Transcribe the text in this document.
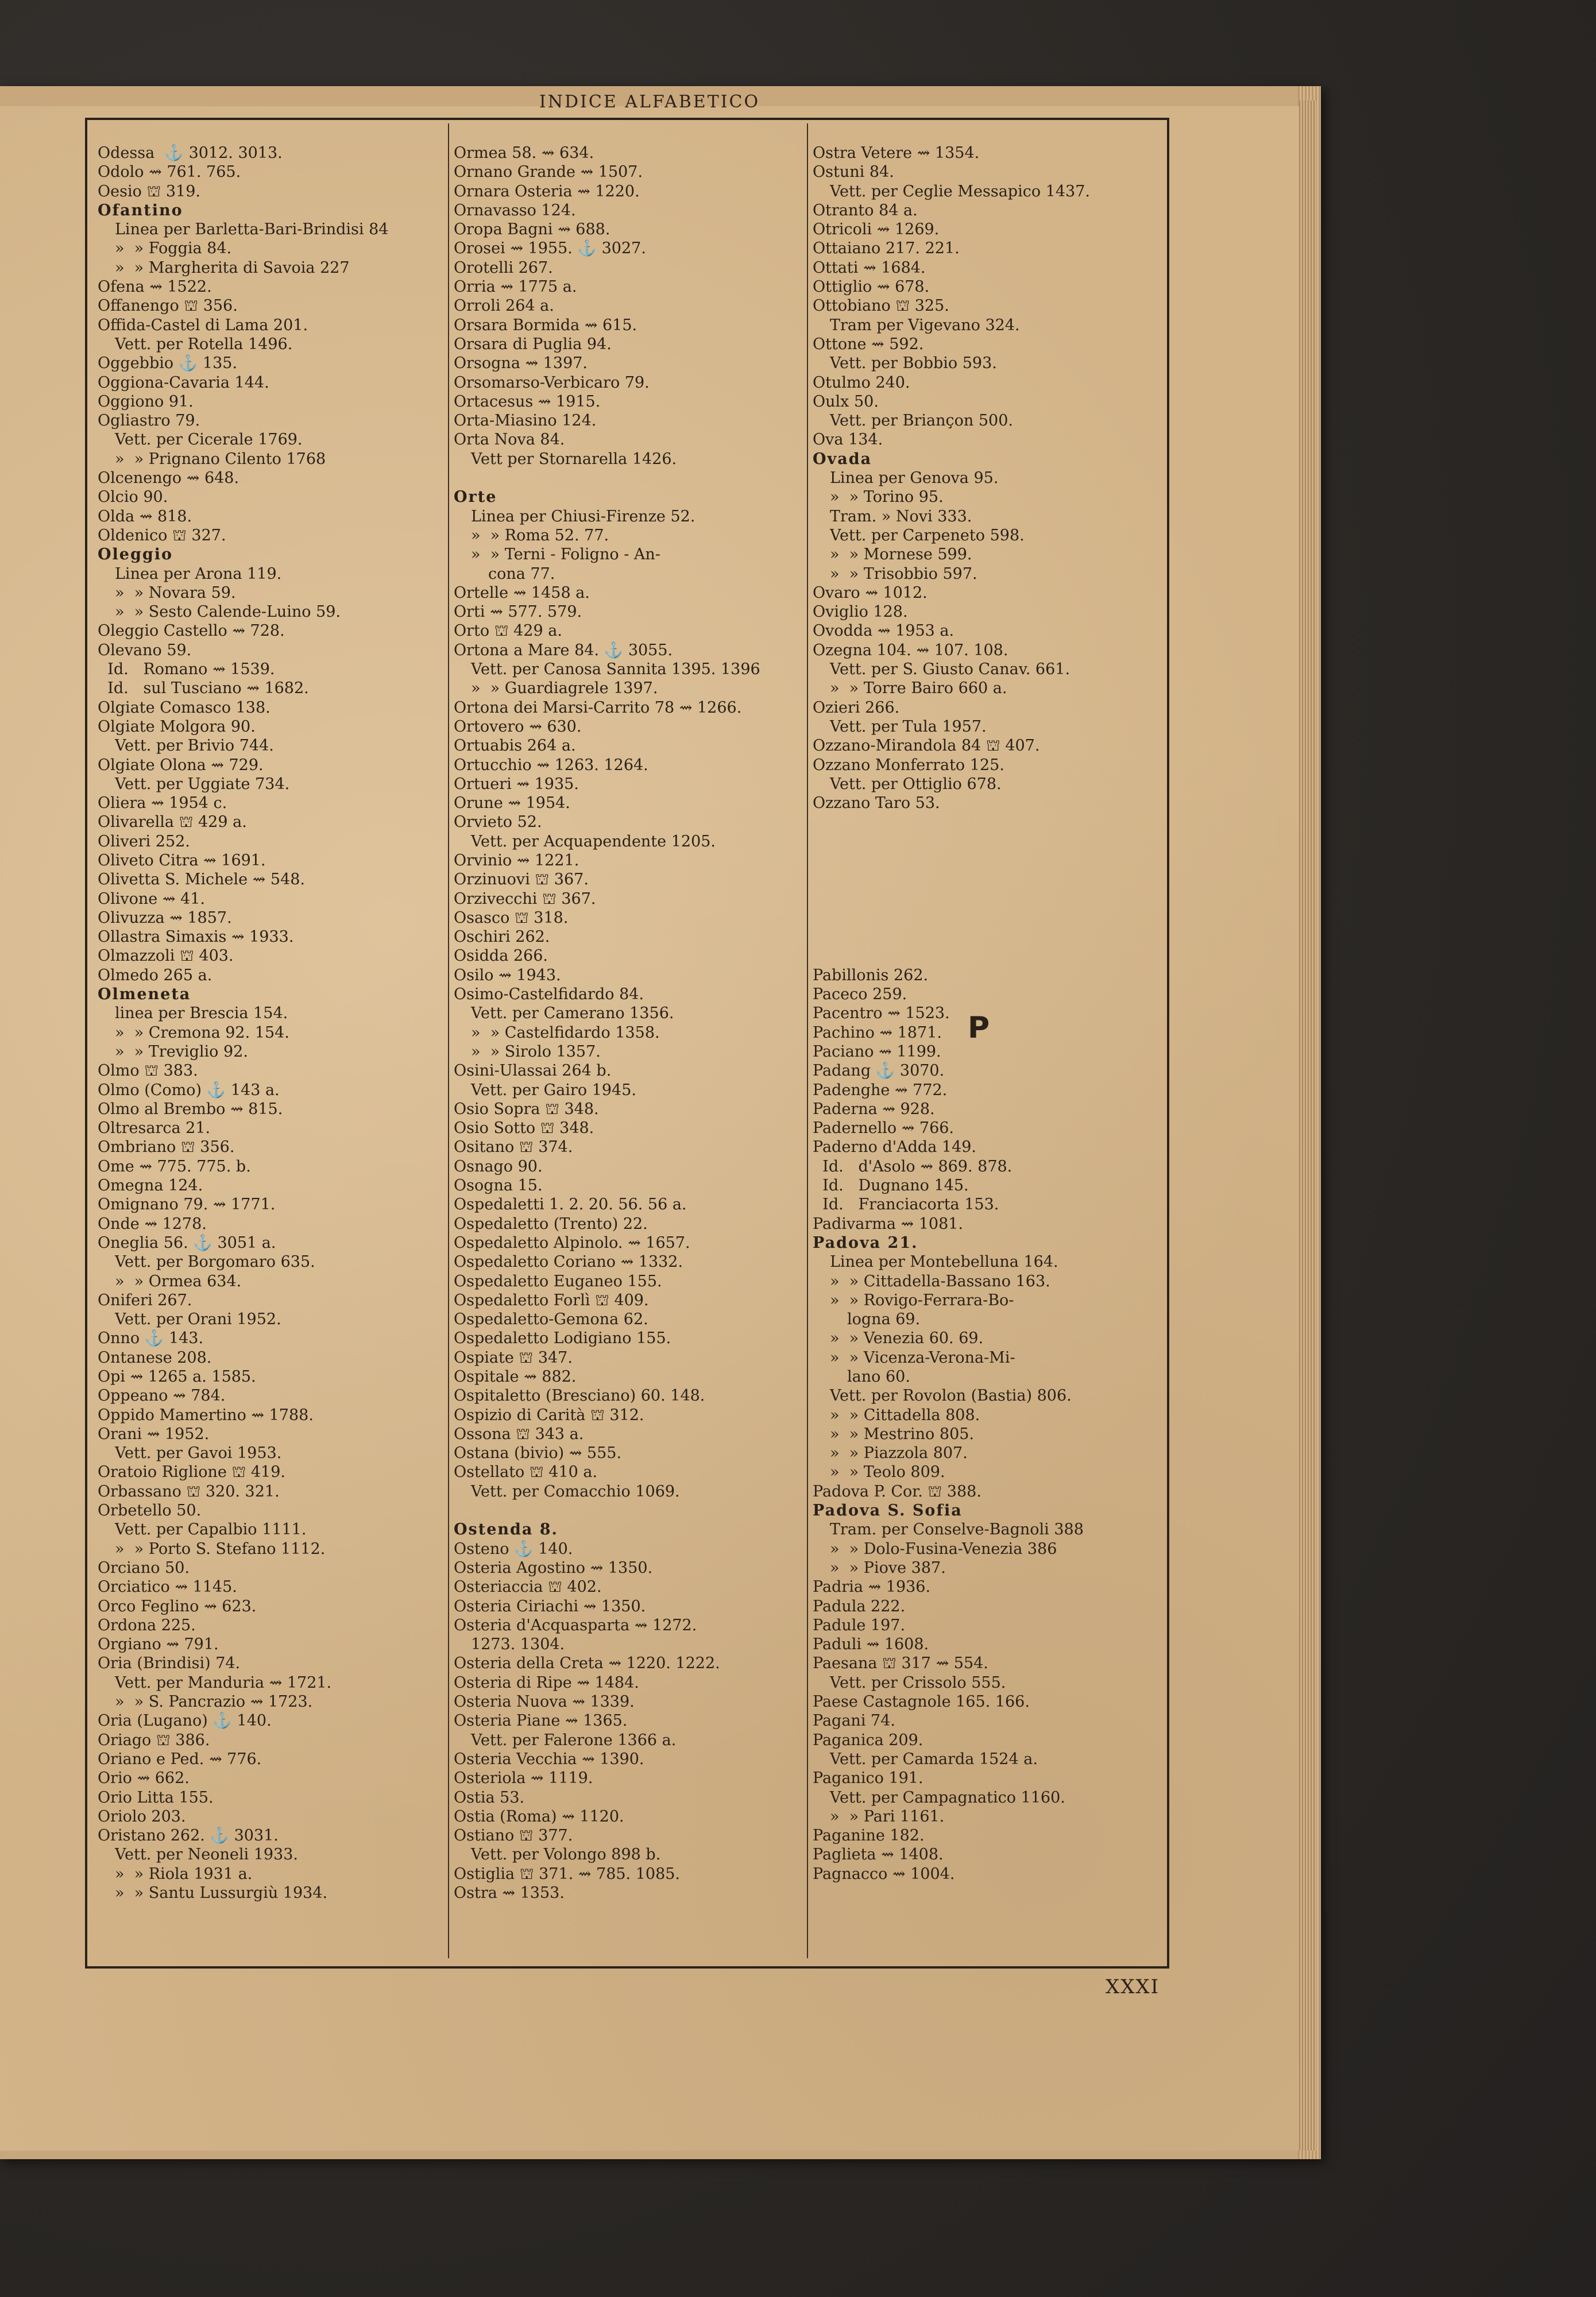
INDICE ALFABETICO
Odessa  ⚓ 3012. 3013.
Odolo ⇝ 761. 765.
Oesio ⛫ 319.
Ofantino
Linea per Barletta-Bari-Brindisi 84
»  » Foggia 84.
»  » Margherita di Savoia 227
Ofena ⇝ 1522.
Offanengo ⛫ 356.
Offida-Castel di Lama 201.
Vett. per Rotella 1496.
Oggebbio ⚓ 135.
Oggiona-Cavaria 144.
Oggiono 91.
Ogliastro 79.
Vett. per Cicerale 1769.
»  » Prignano Cilento 1768
Olcenengo ⇝ 648.
Olcio 90.
Olda ⇝ 818.
Oldenico ⛫ 327.
Oleggio
Linea per Arona 119.
»  » Novara 59.
»  » Sesto Calende-Luino 59.
Oleggio Castello ⇝ 728.
Olevano 59.
Id.   Romano ⇝ 1539.
Id.   sul Tusciano ⇝ 1682.
Olgiate Comasco 138.
Olgiate Molgora 90.
Vett. per Brivio 744.
Olgiate Olona ⇝ 729.
Vett. per Uggiate 734.
Oliera ⇝ 1954 c.
Olivarella ⛫ 429 a.
Oliveri 252.
Oliveto Citra ⇝ 1691.
Olivetta S. Michele ⇝ 548.
Olivone ⇝ 41.
Olivuzza ⇝ 1857.
Ollastra Simaxis ⇝ 1933.
Olmazzoli ⛫ 403.
Olmedo 265 a.
Olmeneta
linea per Brescia 154.
»  » Cremona 92. 154.
»  » Treviglio 92.
Olmo ⛫ 383.
Olmo (Como) ⚓ 143 a.
Olmo al Brembo ⇝ 815.
Oltresarca 21.
Ombriano ⛫ 356.
Ome ⇝ 775. 775. b.
Omegna 124.
Omignano 79. ⇝ 1771.
Onde ⇝ 1278.
Oneglia 56. ⚓ 3051 a.
Vett. per Borgomaro 635.
»  » Ormea 634.
Oniferi 267.
Vett. per Orani 1952.
Onno ⚓ 143.
Ontanese 208.
Opi ⇝ 1265 a. 1585.
Oppeano ⇝ 784.
Oppido Mamertino ⇝ 1788.
Orani ⇝ 1952.
Vett. per Gavoi 1953.
Oratoio Riglione ⛫ 419.
Orbassano ⛫ 320. 321.
Orbetello 50.
Vett. per Capalbio 1111.
»  » Porto S. Stefano 1112.
Orciano 50.
Orciatico ⇝ 1145.
Orco Feglino ⇝ 623.
Ordona 225.
Orgiano ⇝ 791.
Oria (Brindisi) 74.
Vett. per Manduria ⇝ 1721.
»  » S. Pancrazio ⇝ 1723.
Oria (Lugano) ⚓ 140.
Oriago ⛫ 386.
Oriano e Ped. ⇝ 776.
Orio ⇝ 662.
Orio Litta 155.
Oriolo 203.
Oristano 262. ⚓ 3031.
Vett. per Neoneli 1933.
»  » Riola 1931 a.
»  » Santu Lussurgiù 1934.
Ormea 58. ⇝ 634.
Ornano Grande ⇝ 1507.
Ornara Osteria ⇝ 1220.
Ornavasso 124.
Oropa Bagni ⇝ 688.
Orosei ⇝ 1955. ⚓ 3027.
Orotelli 267.
Orria ⇝ 1775 a.
Orroli 264 a.
Orsara Bormida ⇝ 615.
Orsara di Puglia 94.
Orsogna ⇝ 1397.
Orsomarso-Verbicaro 79.
Ortacesus ⇝ 1915.
Orta-Miasino 124.
Orta Nova 84.
Vett per Stornarella 1426.
Orte
Linea per Chiusi-Firenze 52.
»  » Roma 52. 77.
»  » Terni - Foligno - An-
cona 77.
Ortelle ⇝ 1458 a.
Orti ⇝ 577. 579.
Orto ⛫ 429 a.
Ortona a Mare 84. ⚓ 3055.
Vett. per Canosa Sannita 1395. 1396
»  » Guardiagrele 1397.
Ortona dei Marsi-Carrito 78 ⇝ 1266.
Ortovero ⇝ 630.
Ortuabis 264 a.
Ortucchio ⇝ 1263. 1264.
Ortueri ⇝ 1935.
Orune ⇝ 1954.
Orvieto 52.
Vett. per Acquapendente 1205.
Orvinio ⇝ 1221.
Orzinuovi ⛫ 367.
Orzivecchi ⛫ 367.
Osasco ⛫ 318.
Oschiri 262.
Osidda 266.
Osilo ⇝ 1943.
Osimo-Castelfidardo 84.
Vett. per Camerano 1356.
»  » Castelfidardo 1358.
»  » Sirolo 1357.
Osini-Ulassai 264 b.
Vett. per Gairo 1945.
Osio Sopra ⛫ 348.
Osio Sotto ⛫ 348.
Ositano ⛫ 374.
Osnago 90.
Osogna 15.
Ospedaletti 1. 2. 20. 56. 56 a.
Ospedaletto (Trento) 22.
Ospedaletto Alpinolo. ⇝ 1657.
Ospedaletto Coriano ⇝ 1332.
Ospedaletto Euganeo 155.
Ospedaletto Forlì ⛫ 409.
Ospedaletto-Gemona 62.
Ospedaletto Lodigiano 155.
Ospiate ⛫ 347.
Ospitale ⇝ 882.
Ospitaletto (Bresciano) 60. 148.
Ospizio di Carità ⛫ 312.
Ossona ⛫ 343 a.
Ostana (bivio) ⇝ 555.
Ostellato ⛫ 410 a.
Vett. per Comacchio 1069.
Ostenda 8.
Osteno ⚓ 140.
Osteria Agostino ⇝ 1350.
Osteriaccia ⛫ 402.
Osteria Ciriachi ⇝ 1350.
Osteria d'Acquasparta ⇝ 1272.
1273. 1304.
Osteria della Creta ⇝ 1220. 1222.
Osteria di Ripe ⇝ 1484.
Osteria Nuova ⇝ 1339.
Osteria Piane ⇝ 1365.
Vett. per Falerone 1366 a.
Osteria Vecchia ⇝ 1390.
Osteriola ⇝ 1119.
Ostia 53.
Ostia (Roma) ⇝ 1120.
Ostiano ⛫ 377.
Vett. per Volongo 898 b.
Ostiglia ⛫ 371. ⇝ 785. 1085.
Ostra ⇝ 1353.
Ostra Vetere ⇝ 1354.
Ostuni 84.
Vett. per Ceglie Messapico 1437.
Otranto 84 a.
Otricoli ⇝ 1269.
Ottaiano 217. 221.
Ottati ⇝ 1684.
Ottiglio ⇝ 678.
Ottobiano ⛫ 325.
Tram per Vigevano 324.
Ottone ⇝ 592.
Vett. per Bobbio 593.
Otulmo 240.
Oulx 50.
Vett. per Briançon 500.
Ova 134.
Ovada
Linea per Genova 95.
»  » Torino 95.
Tram. » Novi 333.
Vett. per Carpeneto 598.
»  » Mornese 599.
»  » Trisobbio 597.
Ovaro ⇝ 1012.
Oviglio 128.
Ovodda ⇝ 1953 a.
Ozegna 104. ⇝ 107. 108.
Vett. per S. Giusto Canav. 661.
»  » Torre Bairo 660 a.
Ozieri 266.
Vett. per Tula 1957.
Ozzano-Mirandola 84 ⛫ 407.
Ozzano Monferrato 125.
Vett. per Ottiglio 678.
Ozzano Taro 53.
Pabillonis 262.
Paceco 259.
Pacentro ⇝ 1523.
Pachino ⇝ 1871.
Paciano ⇝ 1199.
Padang ⚓ 3070.
Padenghe ⇝ 772.
Paderna ⇝ 928.
Padernello ⇝ 766.
Paderno d'Adda 149.
Id.   d'Asolo ⇝ 869. 878.
Id.   Dugnano 145.
Id.   Franciacorta 153.
Padivarma ⇝ 1081.
Padova 21.
Linea per Montebelluna 164.
»  » Cittadella-Bassano 163.
»  » Rovigo-Ferrara-Bo-
logna 69.
»  » Venezia 60. 69.
»  » Vicenza-Verona-Mi-
lano 60.
Vett. per Rovolon (Bastia) 806.
»  » Cittadella 808.
»  » Mestrino 805.
»  » Piazzola 807.
»  » Teolo 809.
Padova P. Cor. ⛫ 388.
Padova S. Sofia
Tram. per Conselve-Bagnoli 388
»  » Dolo-Fusina-Venezia 386
»  » Piove 387.
Padria ⇝ 1936.
Padula 222.
Padule 197.
Paduli ⇝ 1608.
Paesana ⛫ 317 ⇝ 554.
Vett. per Crissolo 555.
Paese Castagnole 165. 166.
Pagani 74.
Paganica 209.
Vett. per Camarda 1524 a.
Paganico 191.
Vett. per Campagnatico 1160.
»  » Pari 1161.
Paganine 182.
Paglieta ⇝ 1408.
Pagnacco ⇝ 1004.
P
XXXI
